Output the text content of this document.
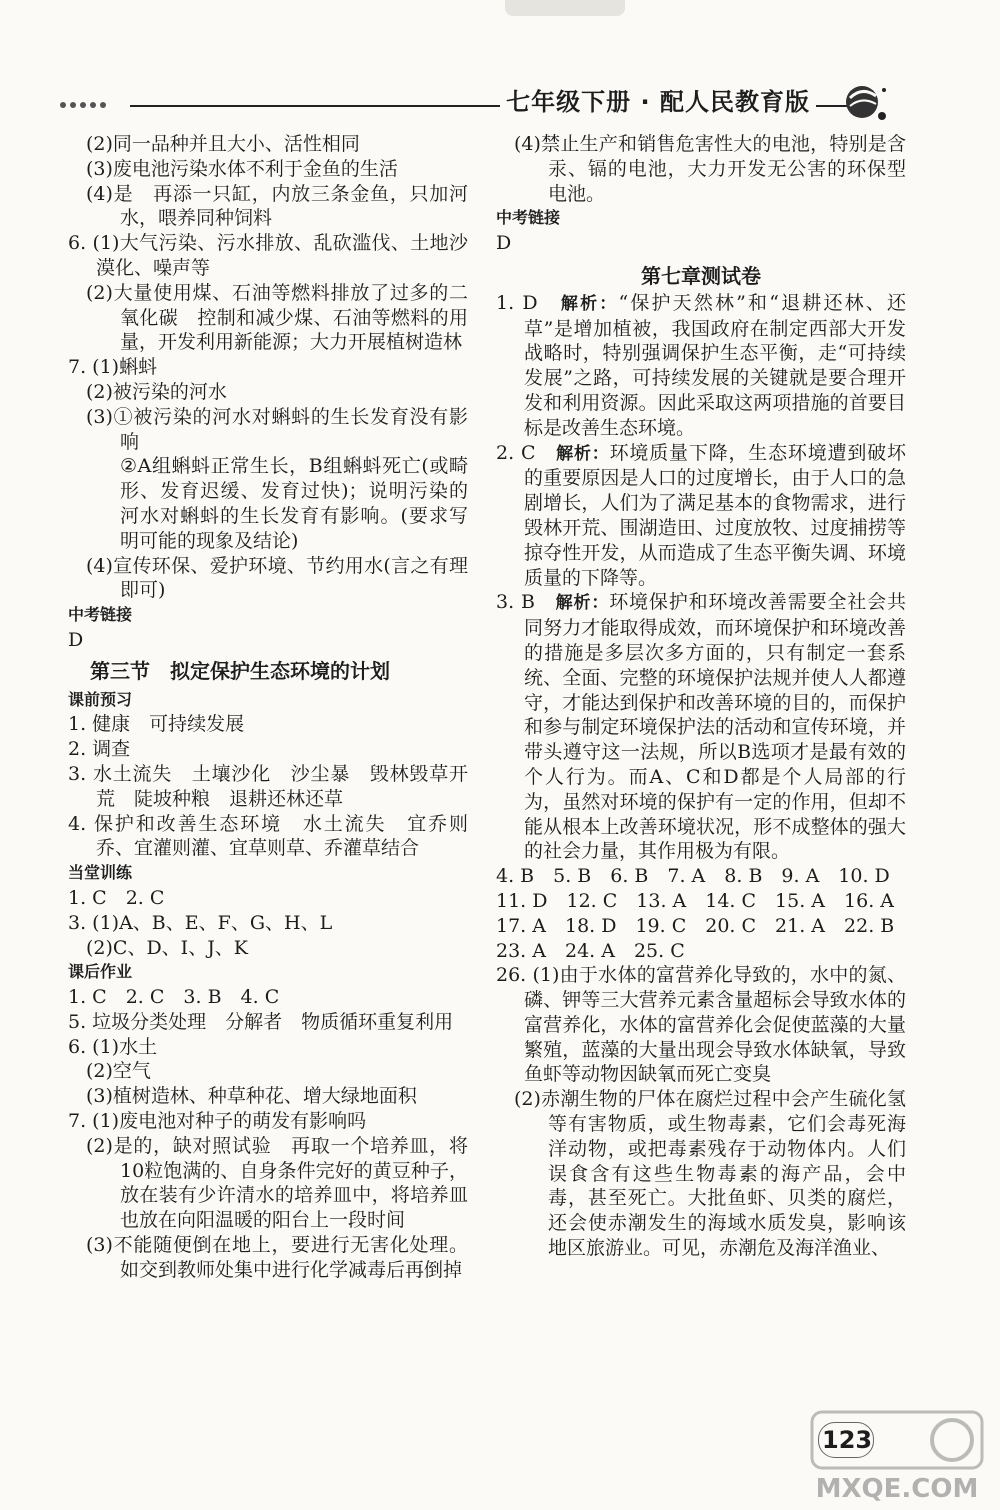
七年级下册 · 配人民教育版

(2)同一品种并且大小、活性相同

(3)废电池污染水体不利于金鱼的生活

(4)是　再添一只缸，内放三条金鱼，只加河水，喂养同种饲料

6. (1)大气污染、污水排放、乱砍滥伐、土地沙漠化、噪声等

(2)大量使用煤、石油等燃料排放了过多的二氧化碳　控制和减少煤、石油等燃料的用量，开发利用新能源；大力开展植树造林

7. (1)蝌蚪

(2)被污染的河水

(3)①被污染的河水对蝌蚪的生长发育没有影响

②A组蝌蚪正常生长，B组蝌蚪死亡(或畸形、发育迟缓、发育过快)；说明污染的河水对蝌蚪的生长发育有影响。(要求写明可能的现象及结论)

(4)宣传环保、爱护环境、节约用水(言之有理即可)

中考链接

D

第三节　拟定保护生态环境的计划

课前预习

1. 健康　可持续发展

2. 调查

3. 水土流失　土壤沙化　沙尘暴　毁林毁草开荒　陡坡种粮　退耕还林还草

4. 保护和改善生态环境　水土流失　宜乔则乔、宜灌则灌、宜草则草、乔灌草结合

当堂训练

1. C　2. C

3. (1)A、B、E、F、G、H、L

(2)C、D、I、J、K

课后作业

1. C　2. C　3. B　4. C

5. 垃圾分类处理　分解者　物质循环重复利用

6. (1)水土

(2)空气

(3)植树造林、种草种花、增大绿地面积

7. (1)废电池对种子的萌发有影响吗

(2)是的，缺对照试验　再取一个培养皿，将10粒饱满的、自身条件完好的黄豆种子，放在装有少许清水的培养皿中，将培养皿也放在向阳温暖的阳台上一段时间

(3)不能随便倒在地上，要进行无害化处理。如交到教师处集中进行化学减毒后再倒掉

(4)禁止生产和销售危害性大的电池，特别是含汞、镉的电池，大力开发无公害的环保型电池。

中考链接

D

第七章测试卷

1. D　 解析：“保护天然林”和“退耕还林、还草”是增加植被，我国政府在制定西部大开发战略时，特别强调保护生态平衡，走“可持续发展”之路，可持续发展的关键就是要合理开发和利用资源。因此采取这两项措施的首要目标是改善生态环境。

2. C　 解析：环境质量下降，生态环境遭到破坏的重要原因是人口的过度增长，由于人口的急剧增长，人们为了满足基本的食物需求，进行毁林开荒、围湖造田、过度放牧、过度捕捞等掠夺性开发，从而造成了生态平衡失调、环境质量的下降等。

3. B　 解析：环境保护和环境改善需要全社会共同努力才能取得成效，而环境保护和环境改善的措施是多层次多方面的，只有制定一套系统、全面、完整的环境保护法规并使人人都遵守，才能达到保护和改善环境的目的，而保护和参与制定环境保护法的活动和宣传环境，并带头遵守这一法规，所以B选项才是最有效的个人行为。而A、C和D都是个人局部的行为，虽然对环境的保护有一定的作用，但却不能从根本上改善环境状况，形不成整体的强大的社会力量，其作用极为有限。

4. B　5. B　6. B　7. A　8. B　9. A　10. D

11. D　12. C　13. A　14. C　15. A　16. A

17. A　18. D　19. C　20. C　21. A　22. B

23. A　24. A　25. C

26. (1)由于水体的富营养化导致的，水中的氮、磷、钾等三大营养元素含量超标会导致水体的富营养化，水体的富营养化会促使蓝藻的大量繁殖，蓝藻的大量出现会导致水体缺氧，导致鱼虾等动物因缺氧而死亡变臭

(2)赤潮生物的尸体在腐烂过程中会产生硫化氢等有害物质，或生物毒素，它们会毒死海洋动物，或把毒素残存于动物体内。人们误食含有这些生物毒素的海产品，会中毒，甚至死亡。大批鱼虾、贝类的腐烂，还会使赤潮发生的海域水质发臭，影响该地区旅游业。可见，赤潮危及海洋渔业、

123
MXQE.COM
